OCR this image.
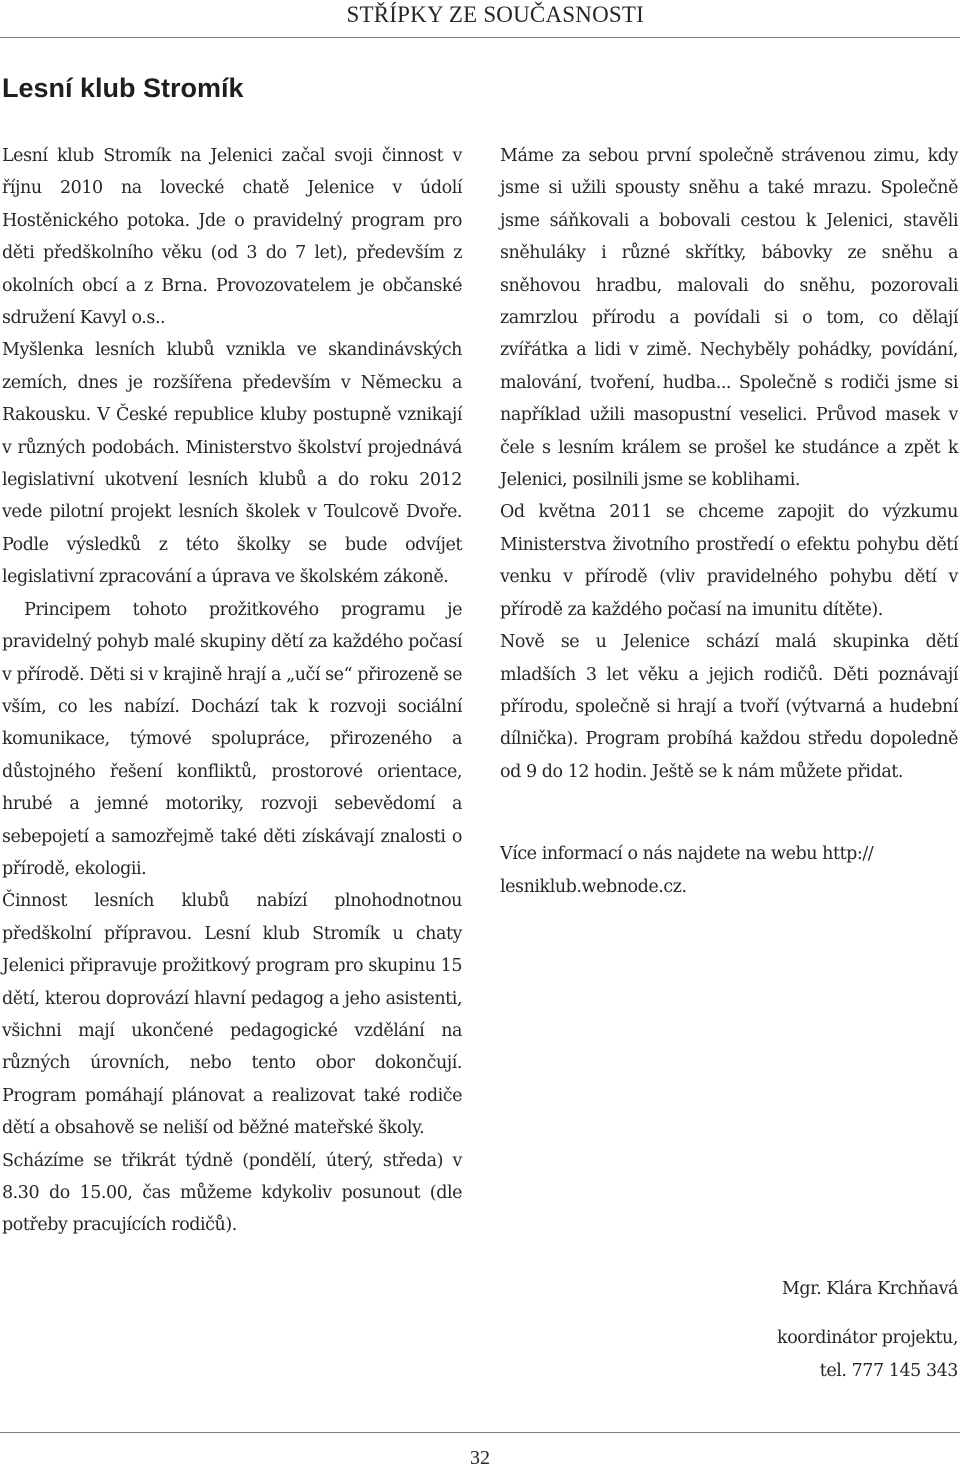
STŘÍPKY ZE SOUČASNOSTI
Lesní klub Stromík

Lesní klub Stromík na Jelenici začal svoji činnost v říjnu 2010 na lovecké chatě Jelenice v údolí Hostěnického potoka. Jde o pravidelný program pro děti předškolního věku (od 3 do 7 let), především z okolních obcí a z Brna. Provozovatelem je občanské sdružení Kavyl o.s..

Myšlenka lesních klubů vznikla ve skandinávských zemích, dnes je rozšířena především v Německu a Rakousku. V České republice kluby postupně vznikají v různých podobách. Ministerstvo školství projednává legislativní ukotvení lesních klubů a do roku 2012 vede pilotní projekt lesních školek v Toulcově Dvoře. Podle výsledků z této školky se bude odvíjet legislativní zpracování a úprava ve školském zákoně.

Principem tohoto prožitkového programu je pravidelný pohyb malé skupiny dětí za každého počasí v přírodě. Děti si v krajině hrají a „učí se“ přirozeně se vším, co les nabízí. Dochází tak k rozvoji sociální komunikace, týmové spolupráce, přirozeného a důstojného řešení konfliktů, prostorové orientace, hrubé a jemné motoriky, rozvoji sebevědomí a sebepojetí a samozřejmě také děti získávají znalosti o přírodě, ekologii.

Činnost lesních klubů nabízí plnohodnotnou předškolní přípravou. Lesní klub Stromík u chaty Jelenici připravuje prožitkový program pro skupinu 15 dětí, kterou doprovází hlavní pedagog a jeho asistenti, všichni mají ukončené pedagogické vzdělání na různých úrovních, nebo tento obor dokončují. Program pomáhají plánovat a realizovat také rodiče dětí a obsahově se neliší od běžné mateřské školy.

Scházíme se třikrát týdně (pondělí, úterý, středa) v 8.30 do 15.00, čas můžeme kdykoliv posunout (dle potřeby pracujících rodičů).

Máme za sebou první společně strávenou zimu, kdy jsme si užili spousty sněhu a také mrazu. Společně jsme sáňkovali a bobovali cestou k Jelenici, stavěli sněhuláky i různé skřítky, bábovky ze sněhu a sněhovou hradbu, malovali do sněhu, pozorovali zamrzlou přírodu a povídali si o tom, co dělají zvířátka a lidi v zimě. Nechyběly pohádky, povídání, malování, tvoření, hudba... Společně s rodiči jsme si například užili masopustní veselici. Průvod masek v čele s lesním králem se prošel ke studánce a zpět k Jelenici, posilnili jsme se koblihami.

Od května 2011 se chceme zapojit do výzkumu Ministerstva životního prostředí o efektu pohybu dětí venku v přírodě (vliv pravidelného pohybu dětí v přírodě za každého počasí na imunitu dítěte).

Nově se u Jelenice schází malá skupinka dětí mladších 3 let věku a jejich rodičů. Děti poznávají přírodu, společně si hrají a tvoří (výtvarná a hudební dílnička). Program probíhá každou středu dopoledně od 9 do 12 hodin. Ještě se k nám můžete přidat.

Více informací o nás najdete na webu http:// lesniklub.webnode.cz.

Mgr. Klára Krchňavá

koordinátor projektu,

tel. 777 145 343

32
